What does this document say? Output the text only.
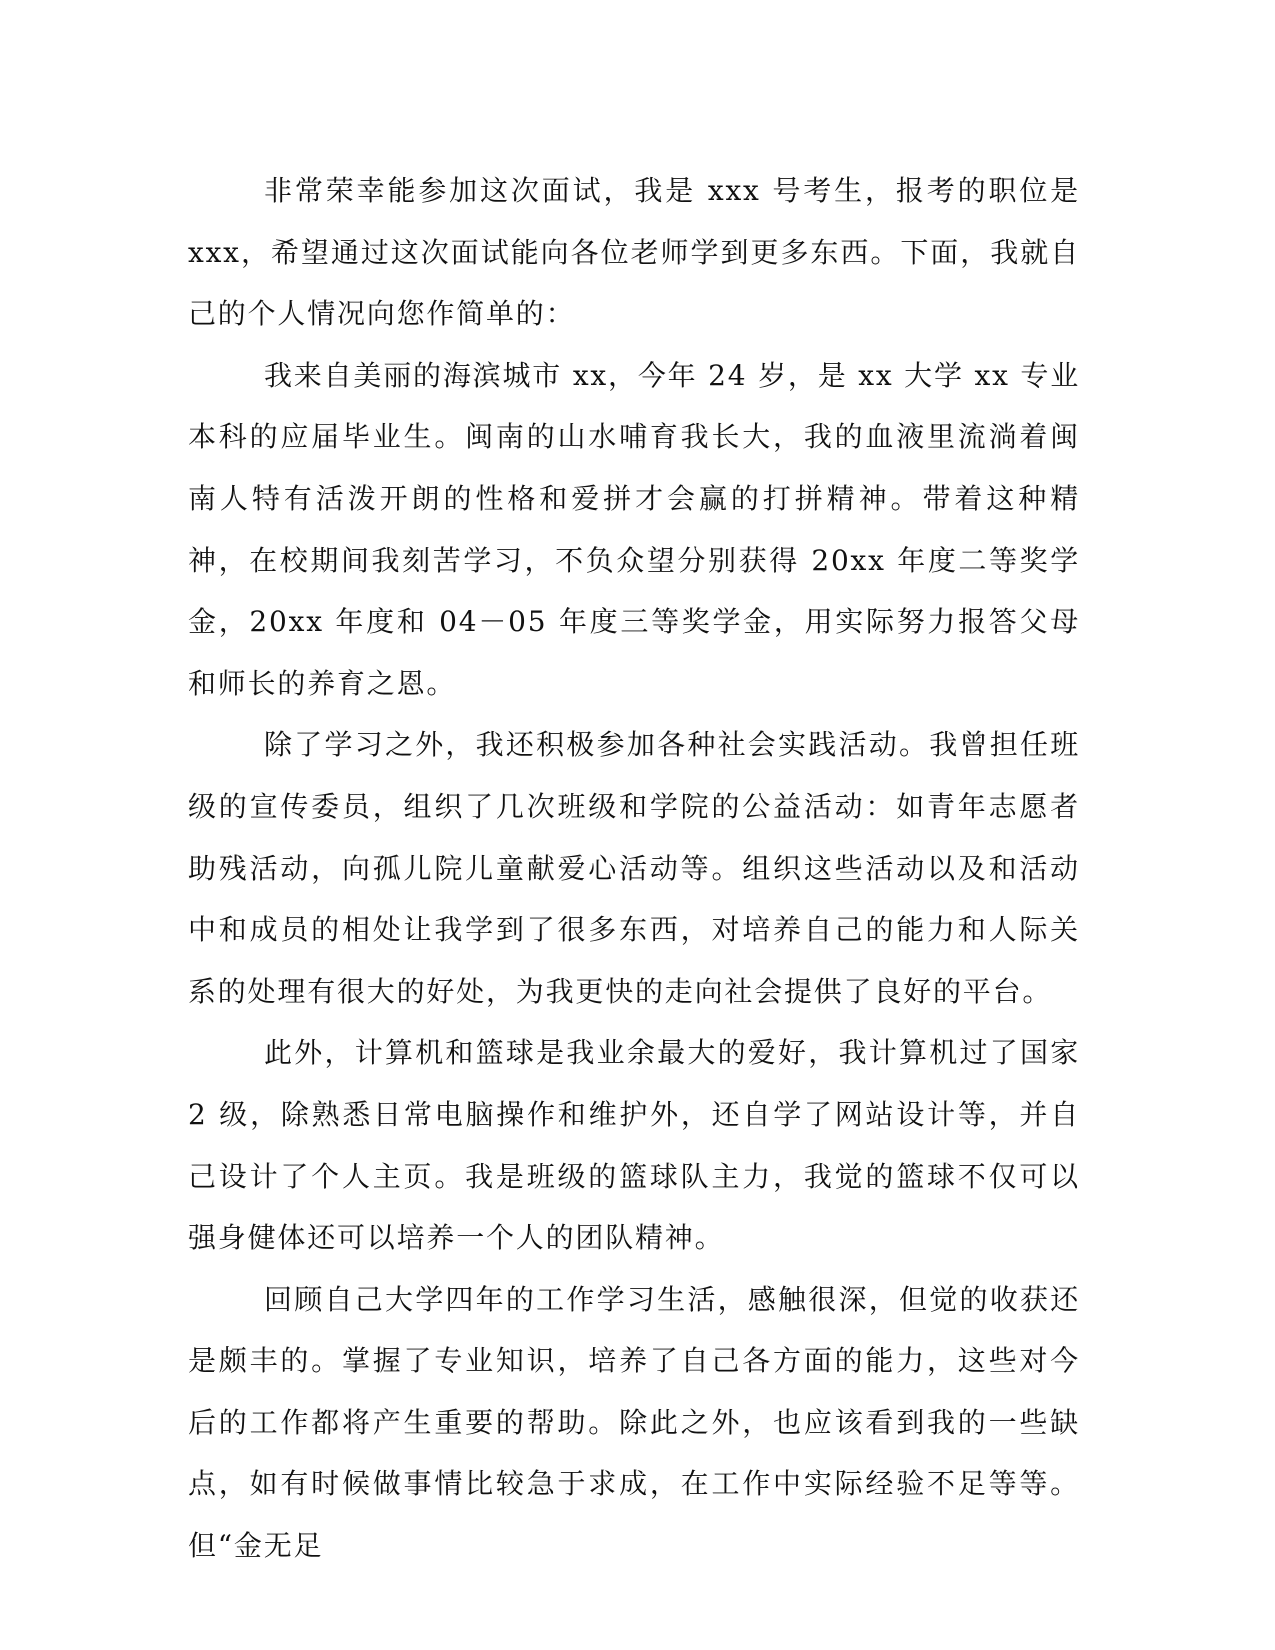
非常荣幸能参加这次面试，我是 xxx 号考生，报考的职位是 xxx，希望通过这次面试能向各位老师学到更多东西。下面，我就自己的个人情况向您作简单的：

我来自美丽的海滨城市 xx，今年 24 岁，是 xx 大学 xx 专业本科的应届毕业生。闽南的山水哺育我长大，我的血液里流淌着闽南人特有活泼开朗的性格和爱拼才会赢的打拼精神。带着这种精神，在校期间我刻苦学习，不负众望分别获得 20xx 年度二等奖学金，20xx 年度和 04－05 年度三等奖学金，用实际努力报答父母和师长的养育之恩。

除了学习之外，我还积极参加各种社会实践活动。我曾担任班级的宣传委员，组织了几次班级和学院的公益活动：如青年志愿者助残活动，向孤儿院儿童献爱心活动等。组织这些活动以及和活动中和成员的相处让我学到了很多东西，对培养自己的能力和人际关系的处理有很大的好处，为我更快的走向社会提供了良好的平台。

此外，计算机和篮球是我业余最大的爱好，我计算机过了国家 2 级，除熟悉日常电脑操作和维护外，还自学了网站设计等，并自己设计了个人主页。我是班级的篮球队主力，我觉的篮球不仅可以强身健体还可以培养一个人的团队精神。

回顾自己大学四年的工作学习生活，感触很深，但觉的收获还是颇丰的。掌握了专业知识，培养了自己各方面的能力，这些对今后的工作都将产生重要的帮助。除此之外，也应该看到我的一些缺点，如有时候做事情比较急于求成，在工作中实际经验不足等等。但“金无足
